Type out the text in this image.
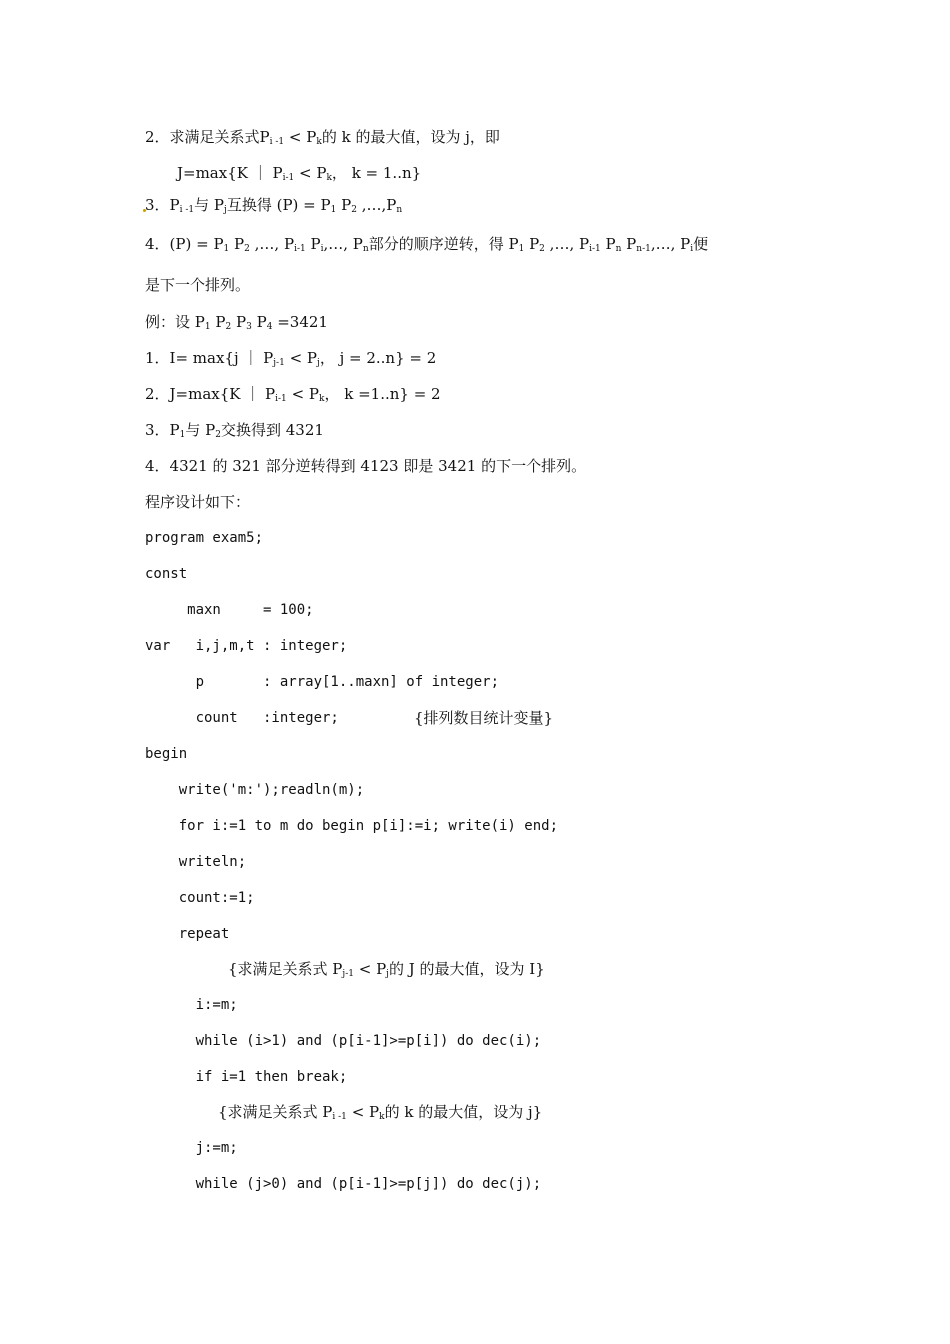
2．求满足关系式$P_{i -1} < P_k$的 k 的最大值，设为 j，即
J=max{K ｜ $P_{i-1} < P_k$， k = 1..n}
3．$P_{i -1}$与 $P_j$互换得 $(P) = P_1$ $P_2$ $,\dots,P_n$
4．$(P) = P_1$ $P_2$ ,…, $P_{i-1}$ $P_i,\dots$, $P_n$部分的顺序逆转，得 $P_1$ $P_2$ ,…, $P_{i-1}$ $P_n$ $P_{n-1},\dots$, $P_i$便
是下一个排列。
例：设 $P_1$ $P_2$ $P_3$ $P_4 =3421$
1．I= max{j ｜ $P_{j-1} < P_j$， j = 2..n} = 2
2．J=max{K ｜ $P_{i-1} < P_k$， k =1..n} = 2
3．$P_1$与 $P_2$交换得到 4321
4．4321 的 321 部分逆转得到 4123 即是 3421 的下一个排列。
程序设计如下：
program exam5;
const
maxn     = 100;
var   i,j,m,t : integer;
p       : array[1..maxn] of integer;
count   :integer;	{排列数目统计变量}
begin
write('m:');readln(m);
for i:=1 to m do begin p[i]:=i; write(i) end;
writeln;
count:=1;
repeat
{求满足关系式 $P_{j-1} < P_j$的 J 的最大值，设为 I}
i:=m;
while (i>1) and (p[i-1]>=p[i]) do dec(i);
if i=1 then break;
{求满足关系式 $P_{i -1} < P_k$的 k 的最大值，设为 j}
j:=m;
while (j>0) and (p[i-1]>=p[j]) do dec(j);
